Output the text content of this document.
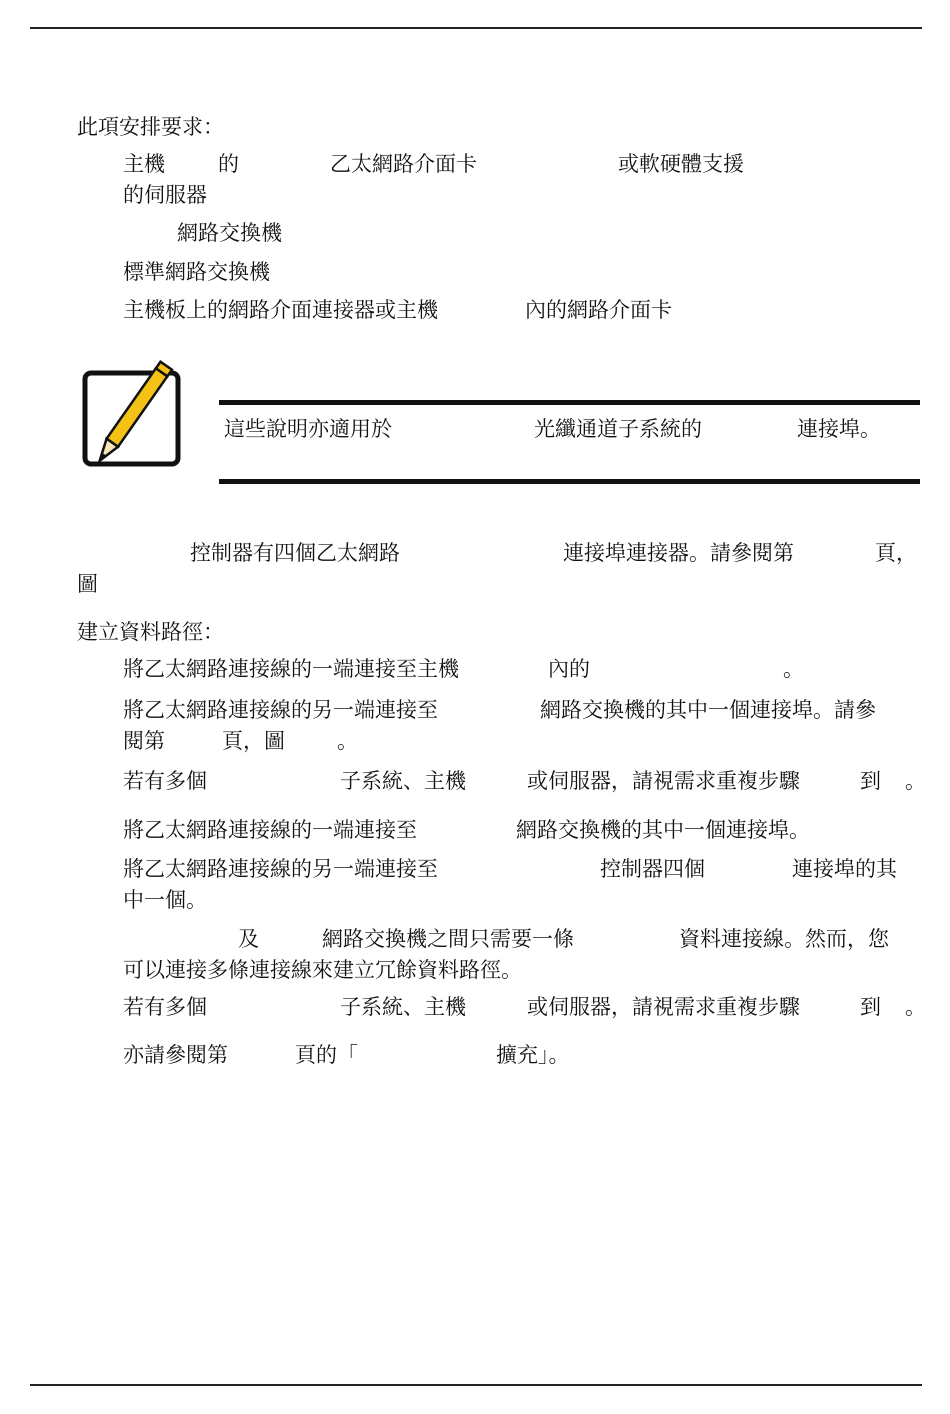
此項安排要求：
主機	的	乙太網路介面卡	或軟硬體支援
的伺服器
網路交換機
標準網路交換機
主機板上的網路介面連接器或主機	內的網路介面卡
這些說明亦適用於	光纖通道子系統的	連接埠。
控制器有四個乙太網路	連接埠連接器。請參閱第	頁，
圖
建立資料路徑：
將乙太網路連接線的一端連接至主機	內的	。
將乙太網路連接線的另一端連接至	網路交換機的其中一個連接埠。請參
閱第	頁，圖 。
若有多個	子系統、主機	或伺服器，請視需求重複步驟	到 。
將乙太網路連接線的一端連接至	網路交換機的其中一個連接埠。
將乙太網路連接線的另一端連接至	控制器四個	連接埠的其
中一個。
及	網路交換機之間只需要一條	資料連接線。然而，您
可以連接多條連接線來建立冗餘資料路徑。
若有多個	子系統、主機	或伺服器，請視需求重複步驟	到 。
亦請參閱第	頁的「	擴充」。
